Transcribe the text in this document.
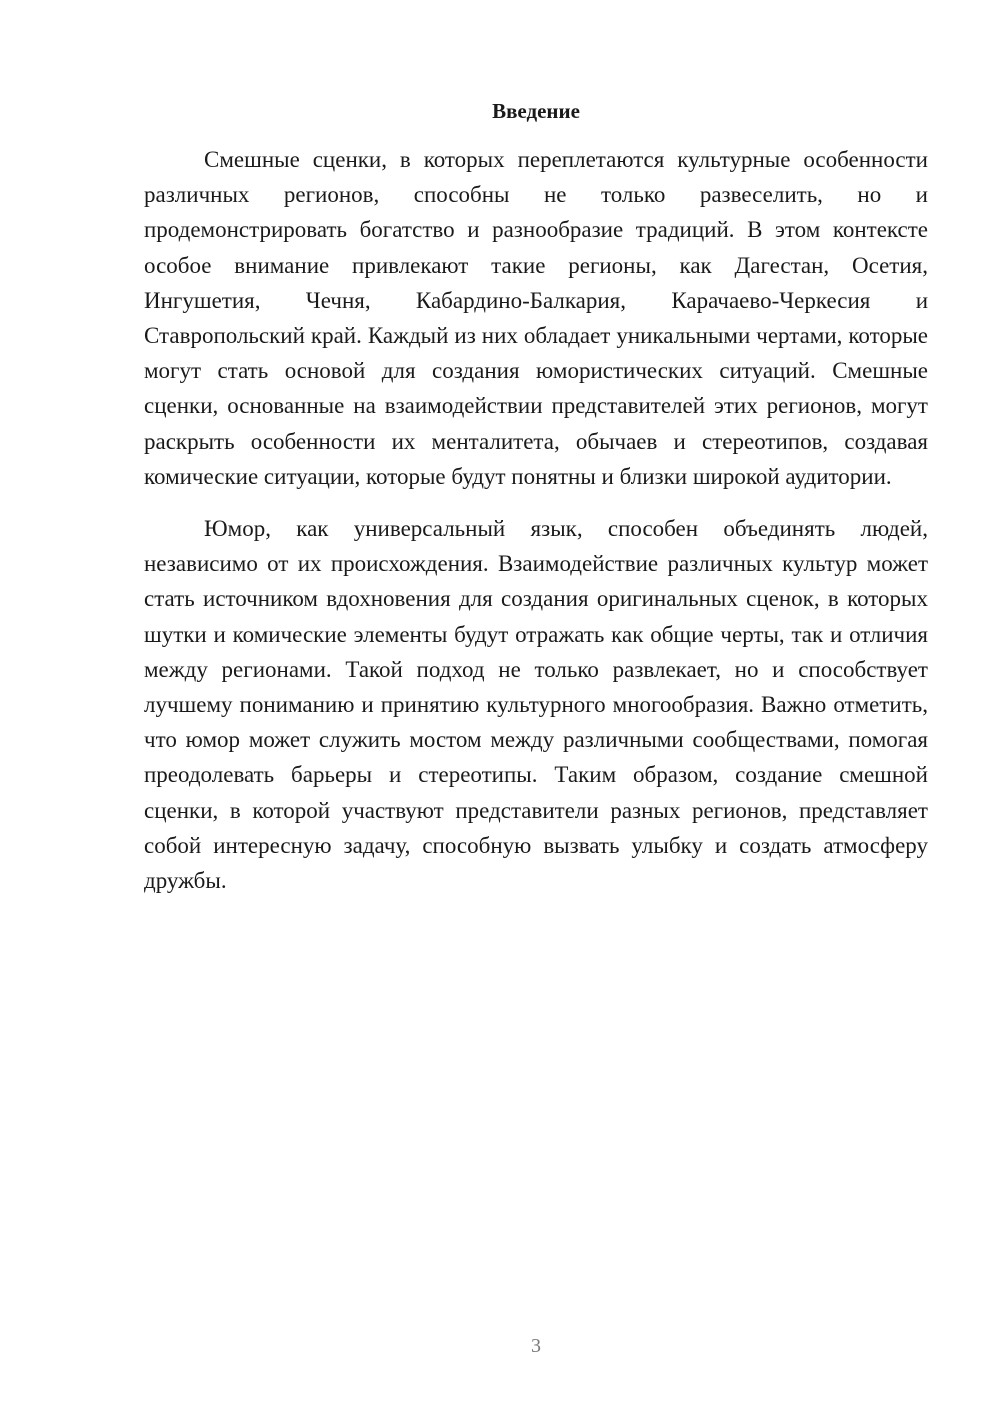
Введение

Смешные сценки, в которых переплетаются культурные особенности различных регионов, способны не только развеселить, но и продемонстрировать богатство и разнообразие традиций. В этом контексте особое внимание привлекают такие регионы, как Дагестан, Осетия, Ингушетия, Чечня, Кабардино-Балкария, Карачаево-Черкесия и Ставропольский край. Каждый из них обладает уникальными чертами, которые могут стать основой для создания юмористических ситуаций. Смешные сценки, основанные на взаимодействии представителей этих регионов, могут раскрыть особенности их менталитета, обычаев и стереотипов, создавая комические ситуации, которые будут понятны и близки широкой аудитории.

Юмор, как универсальный язык, способен объединять людей, независимо от их происхождения. Взаимодействие различных культур может стать источником вдохновения для создания оригинальных сценок, в которых шутки и комические элементы будут отражать как общие черты, так и отличия между регионами. Такой подход не только развлекает, но и способствует лучшему пониманию и принятию культурного многообразия. Важно отметить, что юмор может служить мостом между различными сообществами, помогая преодолевать барьеры и стереотипы. Таким образом, создание смешной сценки, в которой участвуют представители разных регионов, представляет собой интересную задачу, способную вызвать улыбку и создать атмосферу дружбы.

3
